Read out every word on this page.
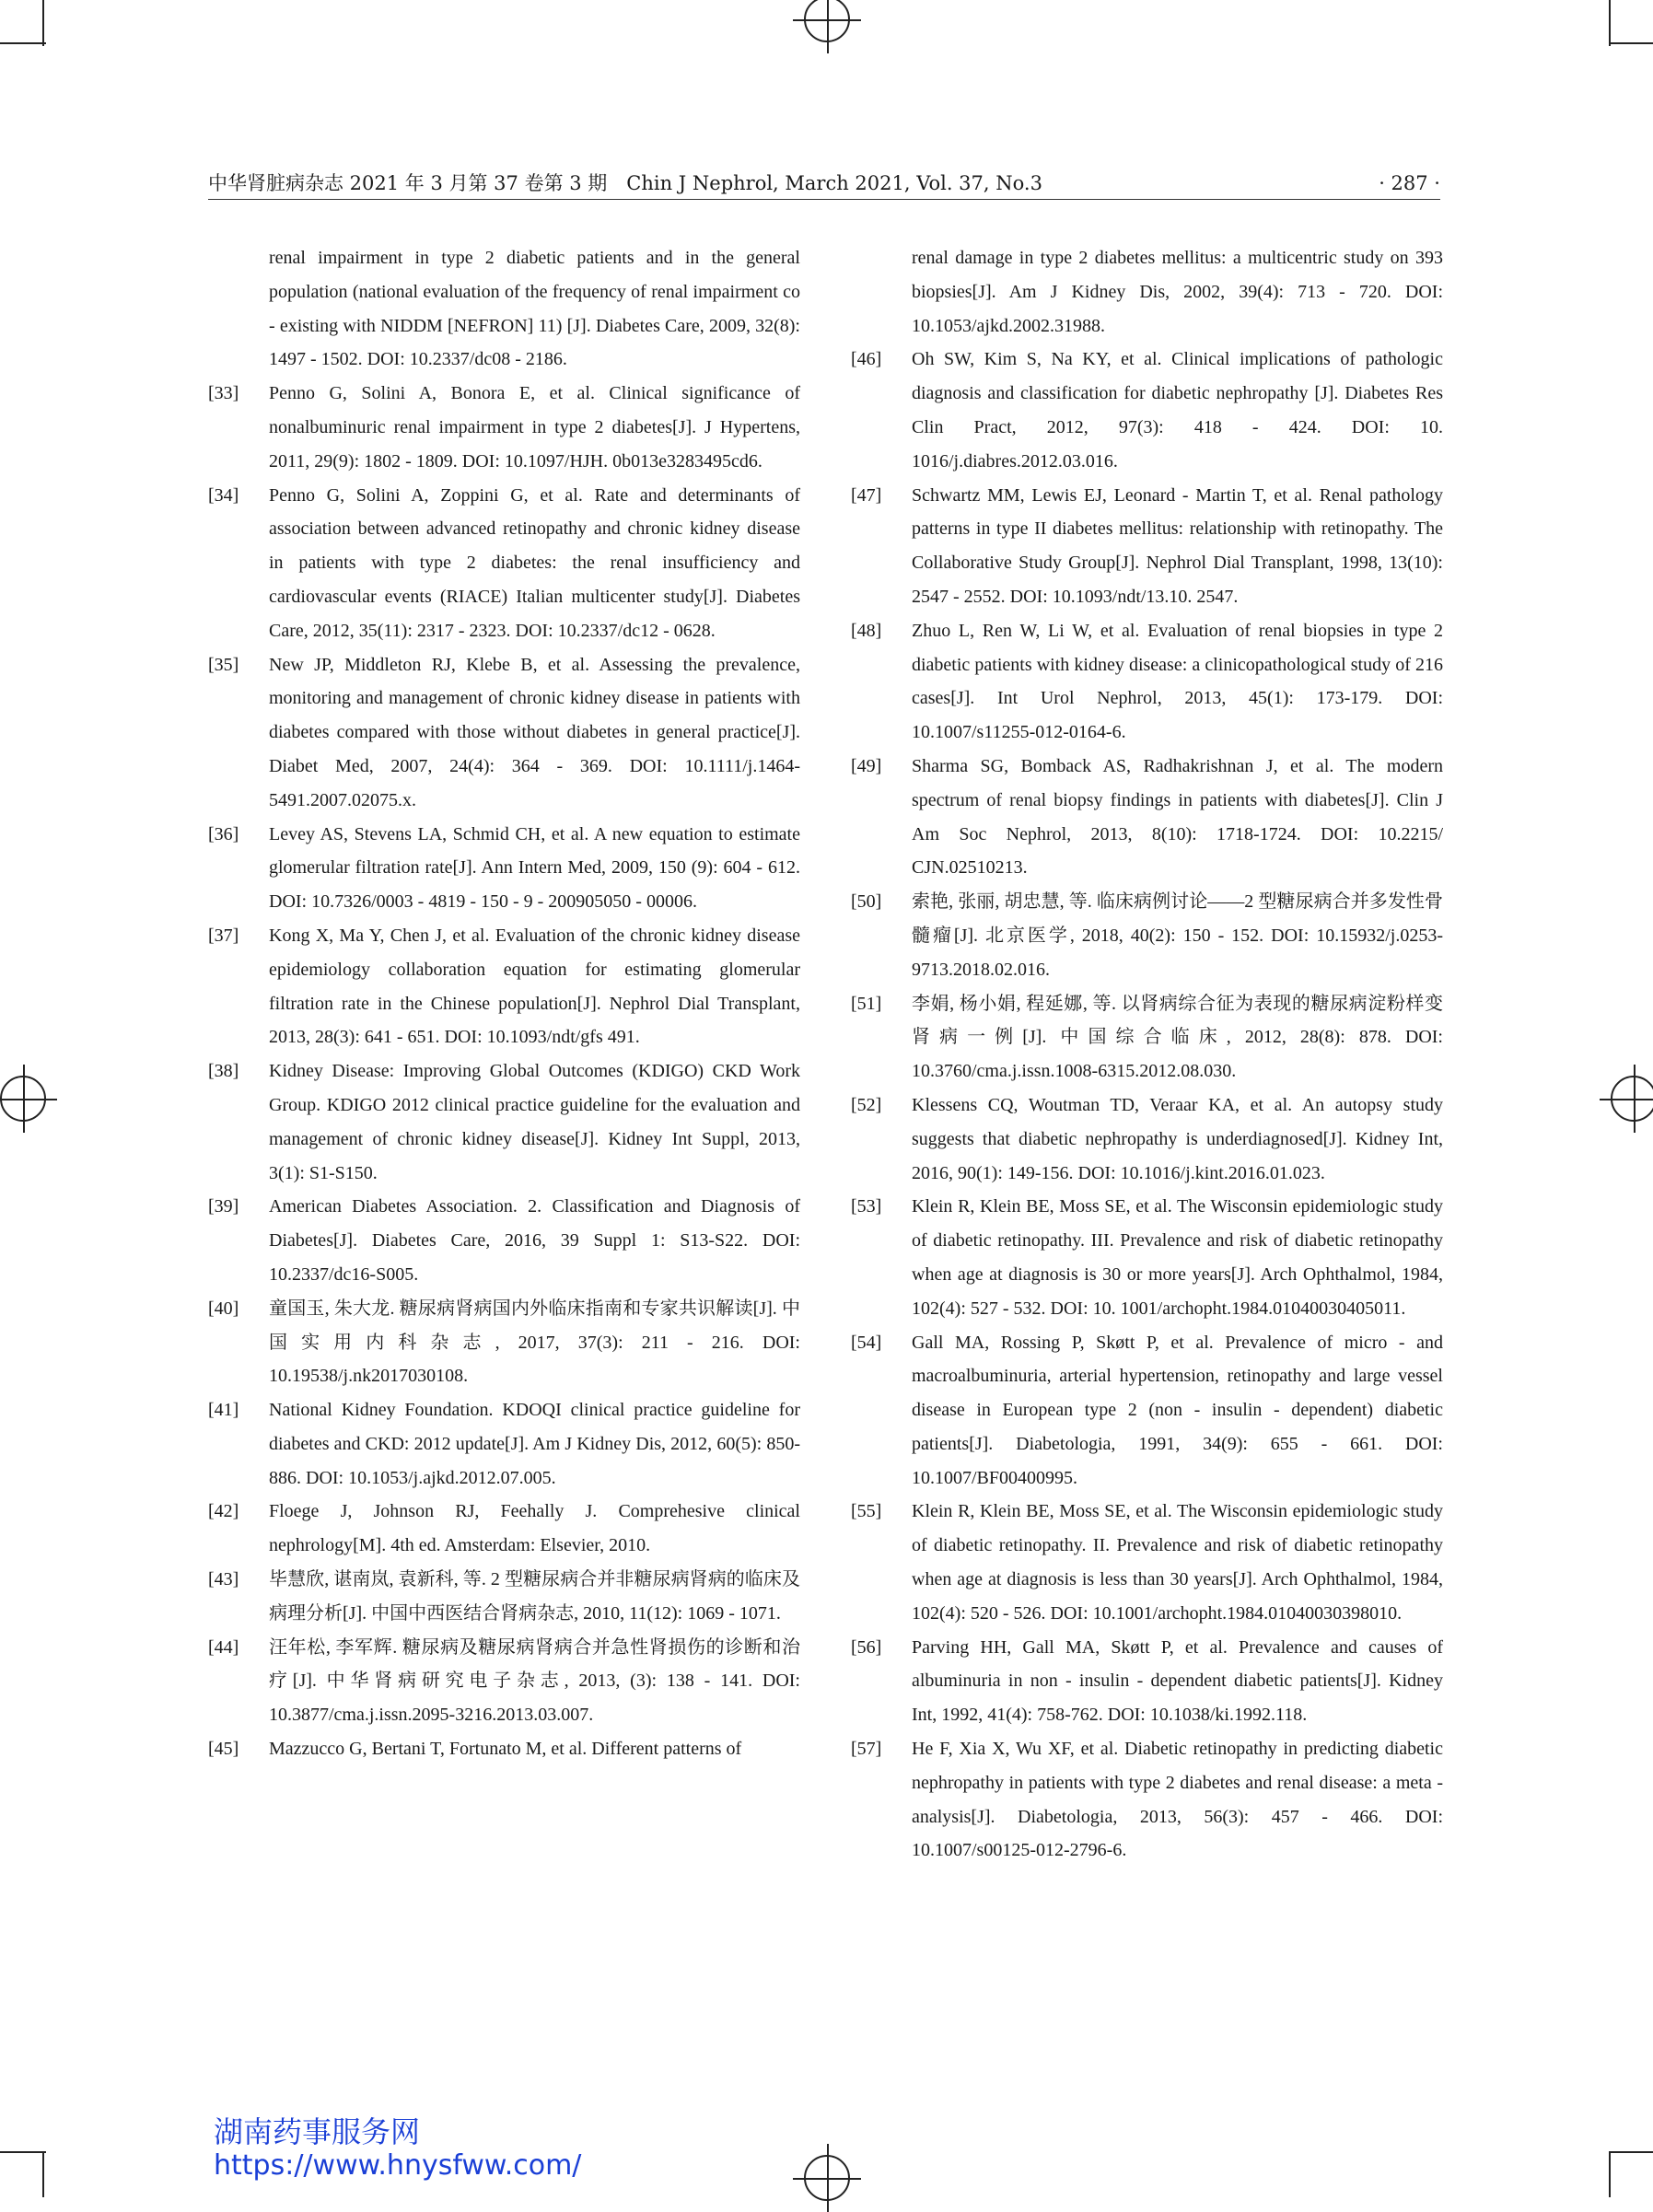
中华肾脏病杂志 2021 年 3 月第 37 卷第 3 期　Chin J Nephrol, March 2021, Vol. 37, No.3	· 287 ·
renal impairment in type 2 diabetic patients and in the general population (national evaluation of the frequency of renal impairment co - existing with NIDDM [NEFRON] 11) [J]. Diabetes Care, 2009, 32(8): 1497 - 1502. DOI: 10.2337/dc08 - 2186.
[33]	Penno G, Solini A, Bonora E, et al. Clinical significance of nonalbuminuric renal impairment in type 2 diabetes[J]. J Hypertens, 2011, 29(9): 1802 - 1809. DOI: 10.1097/HJH. 0b013e3283495cd6.
[34]	Penno G, Solini A, Zoppini G, et al. Rate and determinants of association between advanced retinopathy and chronic kidney disease in patients with type 2 diabetes: the renal insufficiency and cardiovascular events (RIACE) Italian multicenter study[J]. Diabetes Care, 2012, 35(11): 2317 - 2323. DOI: 10.2337/dc12 - 0628.
[35]	New JP, Middleton RJ, Klebe B, et al. Assessing the prevalence, monitoring and management of chronic kidney disease in patients with diabetes compared with those without diabetes in general practice[J]. Diabet Med, 2007, 24(4): 364 - 369. DOI: 10.1111/j.1464-5491.2007.02075.x.
[36]	Levey AS, Stevens LA, Schmid CH, et al. A new equation to estimate glomerular filtration rate[J]. Ann Intern Med, 2009, 150 (9): 604 - 612. DOI: 10.7326/0003 - 4819 - 150 - 9 - 200905050 - 00006.
[37]	Kong X, Ma Y, Chen J, et al. Evaluation of the chronic kidney disease epidemiology collaboration equation for estimating glomerular filtration rate in the Chinese population[J]. Nephrol Dial Transplant, 2013, 28(3): 641 - 651. DOI: 10.1093/ndt/gfs 491.
[38]	Kidney Disease: Improving Global Outcomes (KDIGO) CKD Work Group. KDIGO 2012 clinical practice guideline for the evaluation and management of chronic kidney disease[J]. Kidney Int Suppl, 2013, 3(1): S1-S150.
[39]	American Diabetes Association. 2. Classification and Diagnosis of Diabetes[J]. Diabetes Care, 2016, 39 Suppl 1: S13-S22. DOI: 10.2337/dc16-S005.
[40]	童国玉, 朱大龙. 糖尿病肾病国内外临床指南和专家共识解读[J]. 中国实用内科杂志, 2017, 37(3): 211 - 216. DOI: 10.19538/j.nk2017030108.
[41]	National Kidney Foundation. KDOQI clinical practice guideline for diabetes and CKD: 2012 update[J]. Am J Kidney Dis, 2012, 60(5): 850-886. DOI: 10.1053/j.ajkd.2012.07.005.
[42]	Floege J, Johnson RJ, Feehally J. Comprehesive clinical nephrology[M]. 4th ed. Amsterdam: Elsevier, 2010.
[43]	毕慧欣, 谌南岚, 袁新科, 等. 2 型糖尿病合并非糖尿病肾病的临床及病理分析[J]. 中国中西医结合肾病杂志, 2010, 11(12): 1069 - 1071.
[44]	汪年松, 李军辉. 糖尿病及糖尿病肾病合并急性肾损伤的诊断和治疗[J]. 中华肾病研究电子杂志, 2013, (3): 138 - 141. DOI: 10.3877/cma.j.issn.2095-3216.2013.03.007.
[45]	Mazzucco G, Bertani T, Fortunato M, et al. Different patterns of
renal damage in type 2 diabetes mellitus: a multicentric study on 393 biopsies[J]. Am J Kidney Dis, 2002, 39(4): 713 - 720. DOI: 10.1053/ajkd.2002.31988.
[46]	Oh SW, Kim S, Na KY, et al. Clinical implications of pathologic diagnosis and classification for diabetic nephropathy [J]. Diabetes Res Clin Pract, 2012, 97(3): 418 - 424. DOI: 10. 1016/j.diabres.2012.03.016.
[47]	Schwartz MM, Lewis EJ, Leonard - Martin T, et al. Renal pathology patterns in type II diabetes mellitus: relationship with retinopathy. The Collaborative Study Group[J]. Nephrol Dial Transplant, 1998, 13(10): 2547 - 2552. DOI: 10.1093/ndt/13.10. 2547.
[48]	Zhuo L, Ren W, Li W, et al. Evaluation of renal biopsies in type 2 diabetic patients with kidney disease: a clinicopathological study of 216 cases[J]. Int Urol Nephrol, 2013, 45(1): 173-179. DOI: 10.1007/s11255-012-0164-6.
[49]	Sharma SG, Bomback AS, Radhakrishnan J, et al. The modern spectrum of renal biopsy findings in patients with diabetes[J]. Clin J Am Soc Nephrol, 2013, 8(10): 1718-1724. DOI: 10.2215/ CJN.02510213.
[50]	索艳, 张丽, 胡忠慧, 等. 临床病例讨论——2 型糖尿病合并多发性骨髓瘤[J]. 北京医学, 2018, 40(2): 150 - 152. DOI: 10.15932/j.0253-9713.2018.02.016.
[51]	李娟, 杨小娟, 程延娜, 等. 以肾病综合征为表现的糖尿病淀粉样变肾病一例[J]. 中国综合临床, 2012, 28(8): 878. DOI: 10.3760/cma.j.issn.1008-6315.2012.08.030.
[52]	Klessens CQ, Woutman TD, Veraar KA, et al. An autopsy study suggests that diabetic nephropathy is underdiagnosed[J]. Kidney Int, 2016, 90(1): 149-156. DOI: 10.1016/j.kint.2016.01.023.
[53]	Klein R, Klein BE, Moss SE, et al. The Wisconsin epidemiologic study of diabetic retinopathy. III. Prevalence and risk of diabetic retinopathy when age at diagnosis is 30 or more years[J]. Arch Ophthalmol, 1984, 102(4): 527 - 532. DOI: 10. 1001/archopht.1984.01040030405011.
[54]	Gall MA, Rossing P, Skøtt P, et al. Prevalence of micro - and macroalbuminuria, arterial hypertension, retinopathy and large vessel disease in European type 2 (non - insulin - dependent) diabetic patients[J]. Diabetologia, 1991, 34(9): 655 - 661. DOI: 10.1007/BF00400995.
[55]	Klein R, Klein BE, Moss SE, et al. The Wisconsin epidemiologic study of diabetic retinopathy. II. Prevalence and risk of diabetic retinopathy when age at diagnosis is less than 30 years[J]. Arch Ophthalmol, 1984, 102(4): 520 - 526. DOI: 10.1001/archopht.1984.01040030398010.
[56]	Parving HH, Gall MA, Skøtt P, et al. Prevalence and causes of albuminuria in non - insulin - dependent diabetic patients[J]. Kidney Int, 1992, 41(4): 758-762. DOI: 10.1038/ki.1992.118.
[57]	He F, Xia X, Wu XF, et al. Diabetic retinopathy in predicting diabetic nephropathy in patients with type 2 diabetes and renal disease: a meta - analysis[J]. Diabetologia, 2013, 56(3): 457 - 466. DOI: 10.1007/s00125-012-2796-6.
湖南药事服务网
https://www.hnysfww.com/
